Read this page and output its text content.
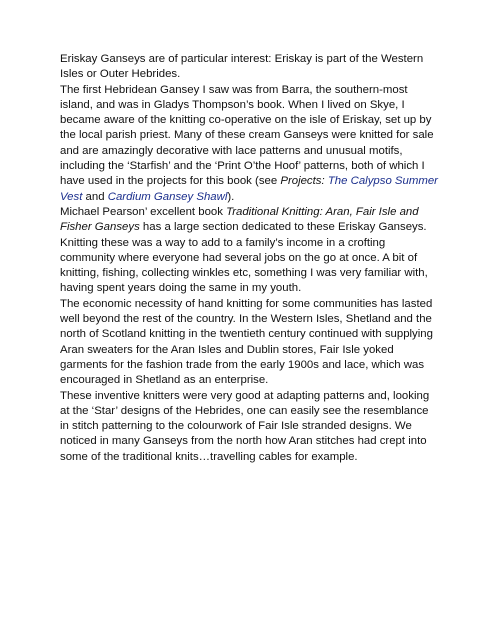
Eriskay Ganseys are of particular interest: Eriskay is part of the Western Isles or Outer Hebrides.

The first Hebridean Gansey I saw was from Barra, the southern-most island, and was in Gladys Thompson’s book. When I lived on Skye, I became aware of the knitting co-operative on the isle of Eriskay, set up by the local parish priest. Many of these cream Ganseys were knitted for sale and are amazingly decorative with lace patterns and unusual motifs, including the ‘Starfish’ and the ‘Print O’the Hoof’ patterns, both of which I have used in the projects for this book (see Projects: The Calypso Summer Vest and Cardium Gansey Shawl).

Michael Pearson’ excellent book Traditional Knitting: Aran, Fair Isle and Fisher Ganseys has a large section dedicated to these Eriskay Ganseys. Knitting these was a way to add to a family’s income in a crofting community where everyone had several jobs on the go at once. A bit of knitting, fishing, collecting winkles etc, something I was very familiar with, having spent years doing the same in my youth.

The economic necessity of hand knitting for some communities has lasted well beyond the rest of the country. In the Western Isles, Shetland and the north of Scotland knitting in the twentieth century continued with supplying Aran sweaters for the Aran Isles and Dublin stores, Fair Isle yoked garments for the fashion trade from the early 1900s and lace, which was encouraged in Shetland as an enterprise.

These inventive knitters were very good at adapting patterns and, looking at the ‘Star’ designs of the Hebrides, one can easily see the resemblance in stitch patterning to the colourwork of Fair Isle stranded designs. We noticed in many Ganseys from the north how Aran stitches had crept into some of the traditional knits…travelling cables for example.
